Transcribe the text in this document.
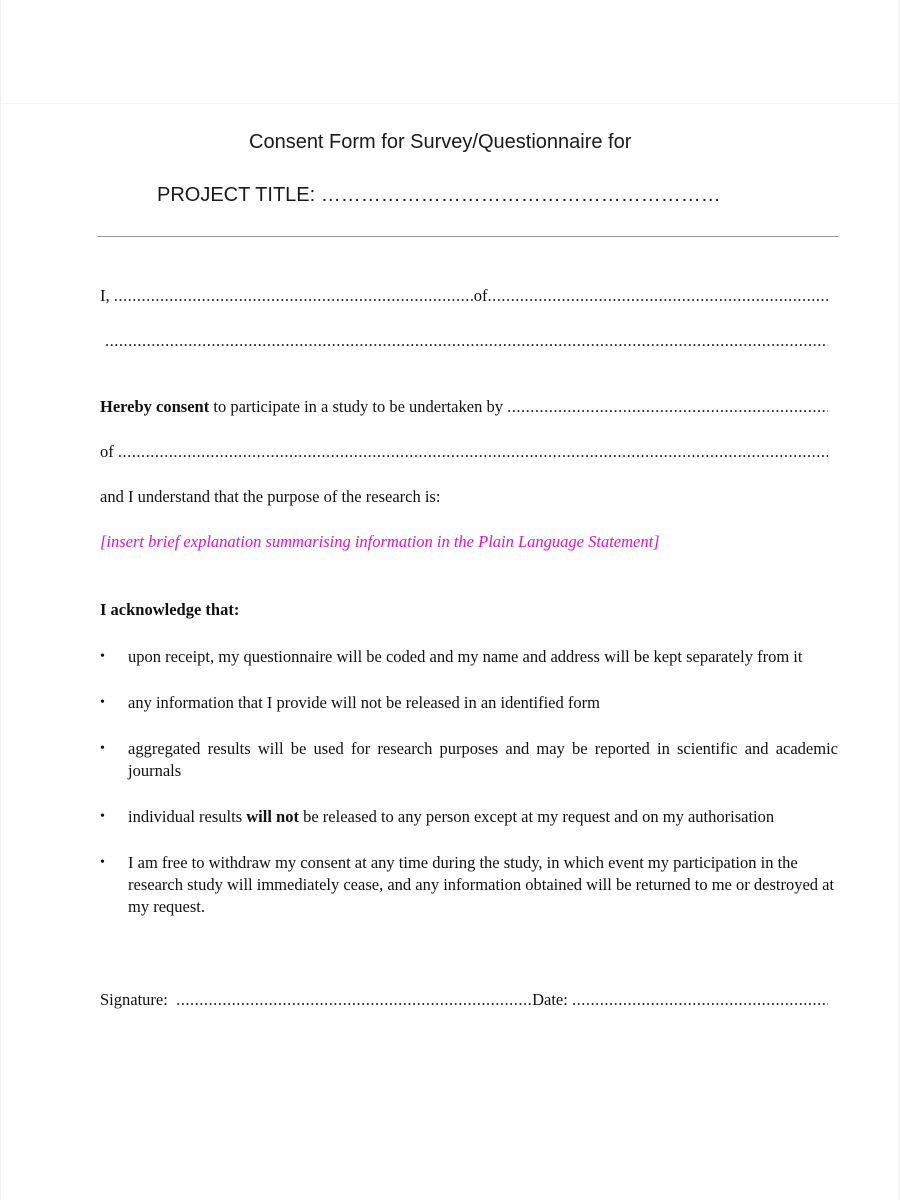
Consent Form for Survey/Questionnaire for
PROJECT TITLE: ……………………………………………………
I,
.....	of
.....
.....
Hereby consent to participate in a study to be undertaken by
.....
of
.....
and I understand that the purpose of the research is:
[insert brief explanation summarising information in the Plain Language Statement]
I acknowledge that:
•	upon receipt, my questionnaire will be coded and my name and address will be kept separately from it
•	any information that I provide will not be released in an identified form
•	aggregated results will be used for research purposes and may be reported in scientific and academic journals
•	individual results will not be released to any person except at my request and on my authorisation
•	I am free to withdraw my consent at any time during the study, in which event my participation in the research study will immediately cease, and any information obtained will be returned to me or destroyed at my request.
Signature: .....	Date:
.....
